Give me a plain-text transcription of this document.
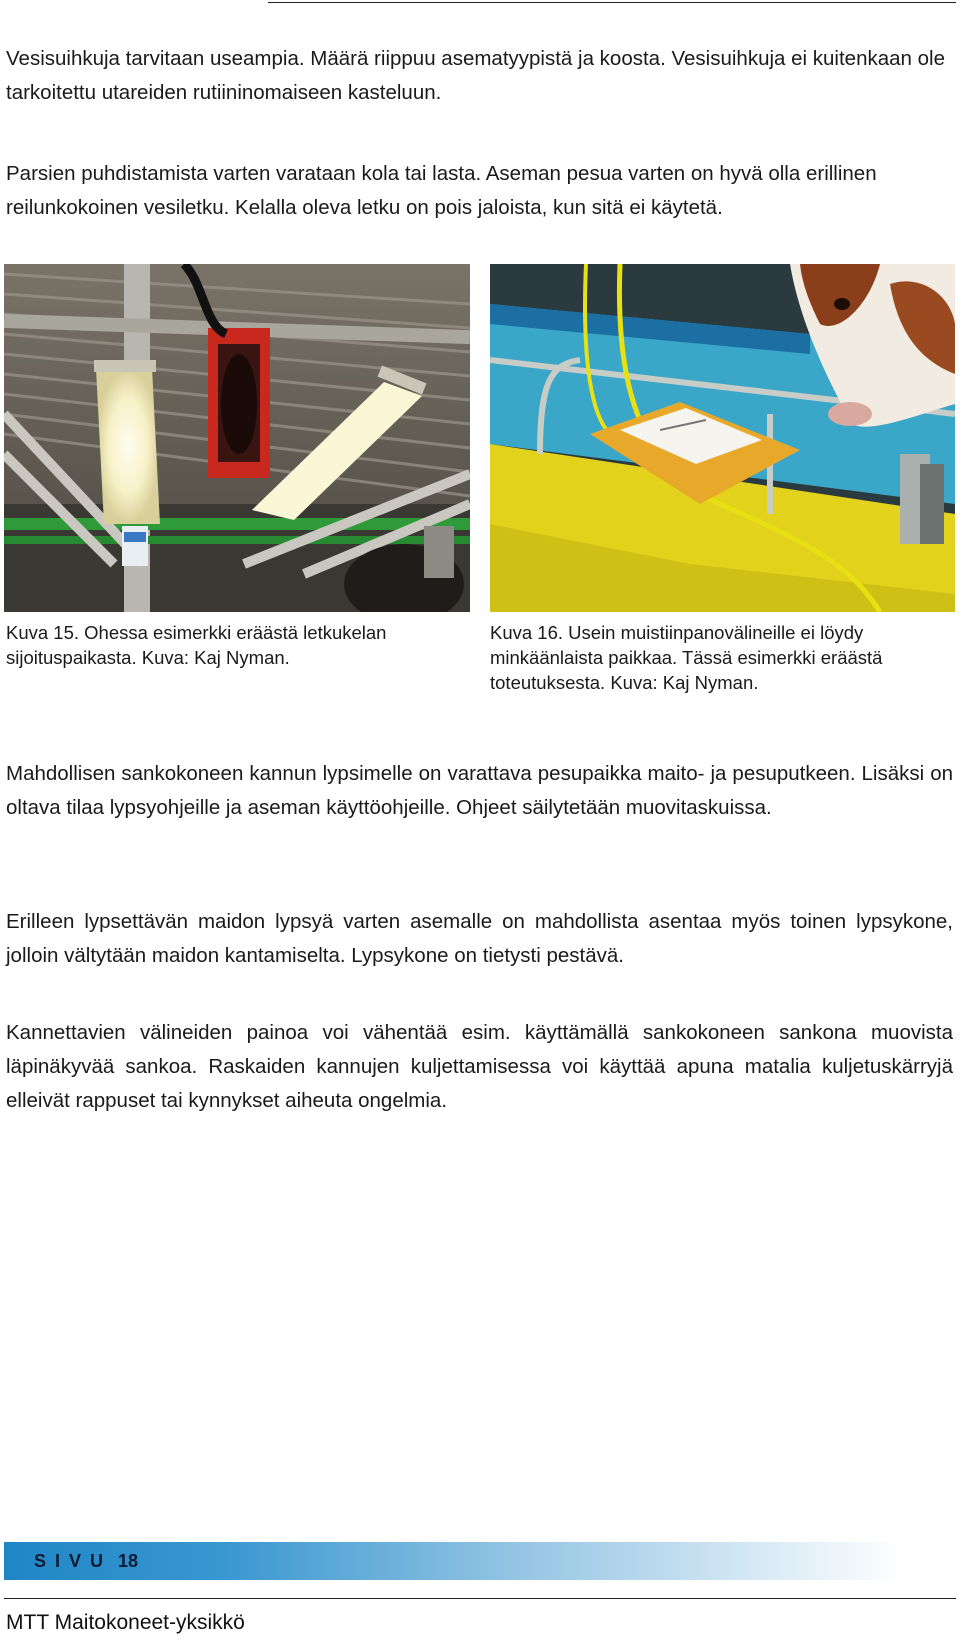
Vesisuihkuja tarvitaan useampia. Määrä riippuu asematyypistä ja koosta. Vesisuihkuja ei kuitenkaan ole tarkoitettu utareiden rutiininomaiseen kasteluun.

Parsien puhdistamista varten varataan kola tai lasta. Aseman pesua varten on hyvä olla erillinen reilunkokoinen vesiletku. Kelalla oleva letku on pois jaloista, kun sitä ei käytetä.

Kuva 15. Ohessa esimerkki eräästä letkukelan sijoituspaikasta. Kuva: Kaj Nyman.

Kuva 16. Usein muistiinpanovälineille ei löydy minkäänlaista paikkaa. Tässä esimerkki eräästä toteutuksesta. Kuva: Kaj Nyman.

Mahdollisen sankokoneen kannun lypsimelle on varattava pesupaikka maito- ja pesuputkeen. Lisäksi on oltava tilaa lypsyohjeille ja aseman käyttöohjeille. Ohjeet säilytetään muovitaskuissa.

Erilleen lypsettävän maidon lypsyä varten asemalle on mahdollista asentaa myös toinen lypsykone, jolloin vältytään maidon kantamiselta. Lypsykone on tietysti pestävä.

Kannettavien välineiden painoa voi vähentää esim. käyttämällä sankokoneen sankona muovista läpinäkyvää sankoa. Raskaiden kannujen kuljettamisessa voi käyttää apuna matalia kuljetuskärryjä elleivät rappuset tai kynnykset aiheuta ongelmia.

S I V U 18
MTT Maitokoneet-yksikkö
